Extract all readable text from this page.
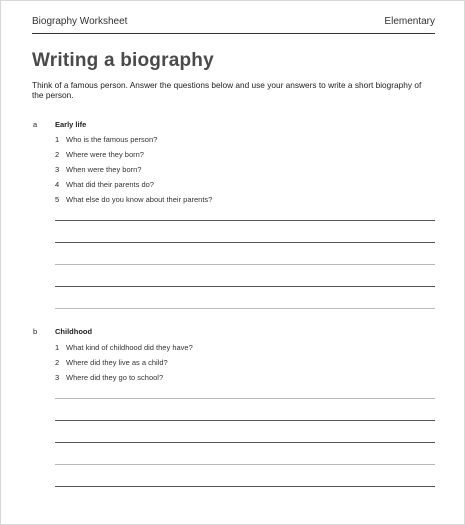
Biography Worksheet	Elementary
Writing a biography
Think of a famous person. Answer the questions below and use your answers to write a short biography of the person.
a Early life
1 Who is the famous person?
2 Where were they born?
3 When were they born?
4 What did their parents do?
5 What else do you know about their parents?
b Childhood
1 What kind of childhood did they have?
2 Where did they live as a child?
3 Where did they go to school?
